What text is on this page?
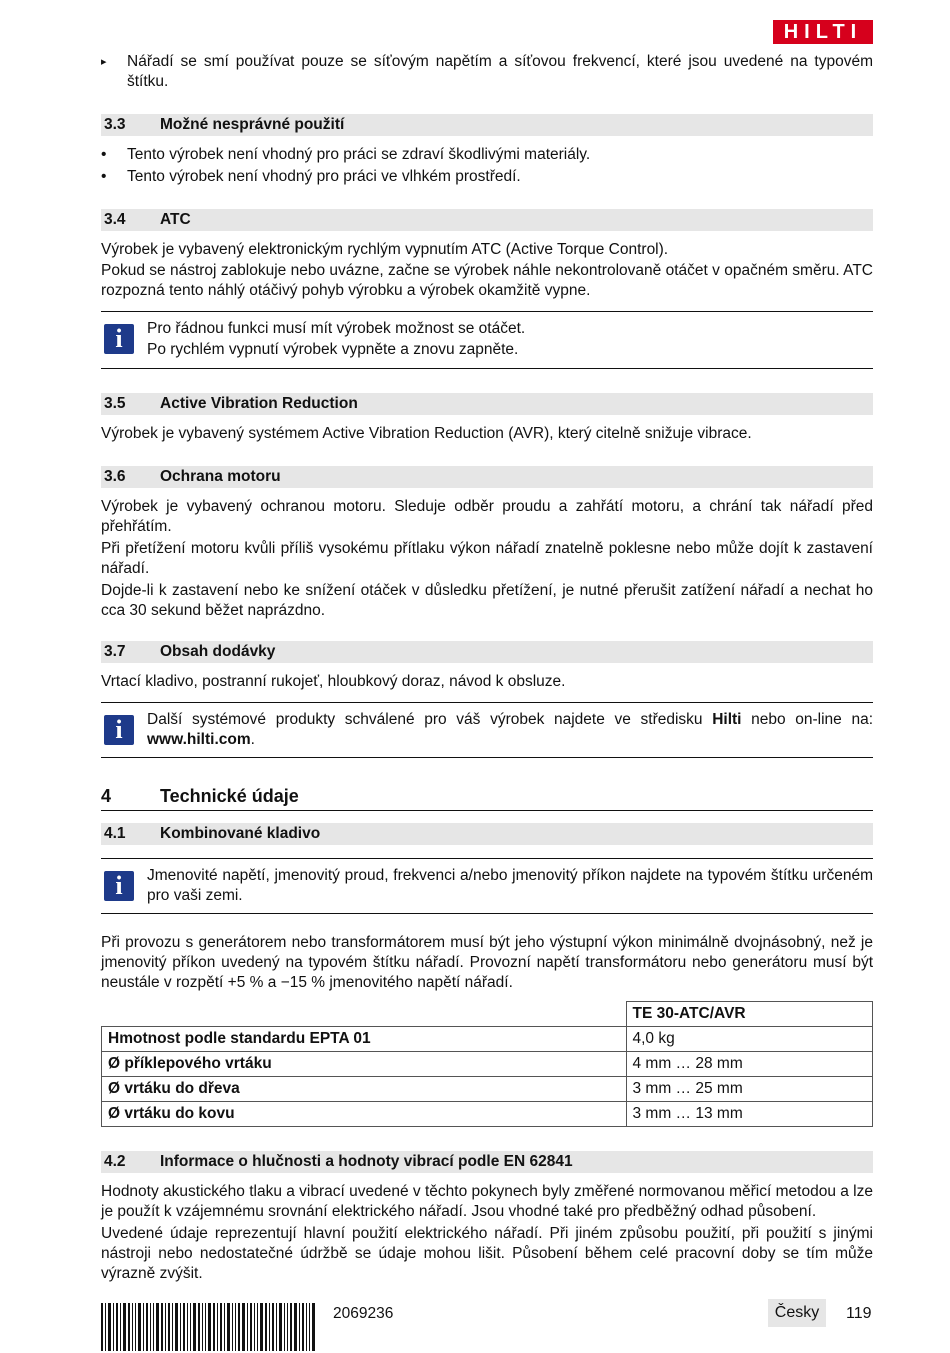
HILTI
▸ Nářadí se smí používat pouze se síťovým napětím a síťovou frekvencí, které jsou uvedené na typovém štítku.

3.3 Možné nesprávné použití
• Tento výrobek není vhodný pro práci se zdraví škodlivými materiály.

• Tento výrobek není vhodný pro práci ve vlhkém prostředí.

3.4 ATC

Výrobek je vybavený elektronickým rychlým vypnutím ATC (Active Torque Control).

Pokud se nástroj zablokuje nebo uvázne, začne se výrobek náhle nekontrolovaně otáčet v opačném směru. ATC rozpozná tento náhlý otáčivý pohyb výrobku a výrobek okamžitě vypne.

i	Pro řádnou funkci musí mít výrobek možnost se otáčet.

Po rychlém vypnutí výrobek vypněte a znovu zapněte.

3.5 Active Vibration Reduction

Výrobek je vybavený systémem Active Vibration Reduction (AVR), který citelně snižuje vibrace.

3.6 Ochrana motoru

Výrobek je vybavený ochranou motoru. Sleduje odběr proudu a zahřátí motoru, a chrání tak nářadí před přehřátím.

Při přetížení motoru kvůli příliš vysokému přítlaku výkon nářadí znatelně poklesne nebo může dojít k zastavení nářadí.

Dojde-li k zastavení nebo ke snížení otáček v důsledku přetížení, je nutné přerušit zatížení nářadí a nechat ho cca 30 sekund běžet naprázdno.

3.7 Obsah dodávky

Vrtací kladivo, postranní rukojeť, hloubkový doraz, návod k obsluze.

i	Další systémové produkty schválené pro váš výrobek najdete ve středisku Hilti nebo on-line na: www.hilti.com.

4	Technické údaje
4.1 Kombinované kladivo
i	Jmenovité napětí, jmenovitý proud, frekvenci a/nebo jmenovitý příkon najdete na typovém štítku určeném pro vaši zemi.

Při provozu s generátorem nebo transformátorem musí být jeho výstupní výkon minimálně dvojnásobný, než je jmenovitý příkon uvedený na typovém štítku nářadí. Provozní napětí transformátoru nebo generátoru musí být neustále v rozpětí +5 % a −15 % jmenovitého napětí nářadí.

	TE 30-ATC/AVR
Hmotnost podle standardu EPTA 01	4,0 kg
Ø příklepového vrtáku	4 mm … 28 mm
Ø vrtáku do dřeva	3 mm … 25 mm
Ø vrtáku do kovu	3 mm … 13 mm
4.2 Informace o hlučnosti a hodnoty vibrací podle EN 62841

Hodnoty akustického tlaku a vibrací uvedené v těchto pokynech byly změřené normovanou měřicí metodou a lze je použít k vzájemnému srovnání elektrického nářadí. Jsou vhodné také pro předběžný odhad působení.

Uvedené údaje reprezentují hlavní použití elektrického nářadí. Při jiném způsobu použití, při použití s jinými nástroji nebo nedostatečné údržbě se údaje mohou lišit. Působení během celé pracovní doby se tím může výrazně zvýšit.

2069236	Česky	119
